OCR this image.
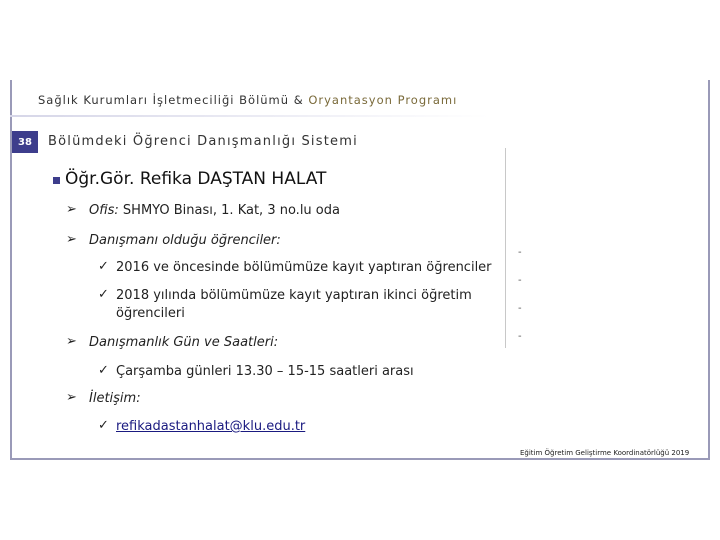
Sağlık Kurumları İşletmeciliği Bölümü & Oryantasyon Programı
38	Bölümdeki Öğrenci Danışmanlığı Sistemi
Öğr.Gör. Refika DAŞTAN HALAT
➢ Ofis: SHMYO Binası, 1. Kat, 3 no.lu oda
➢ Danışmanı olduğu öğrenciler:
✓ 2016 ve öncesinde bölümümüze kayıt yaptıran öğrenciler
✓ 2018 yılında bölümümüze kayıt yaptıran ikinci öğretim
öğrencileri
➢ Danışmanlık Gün ve Saatleri:
✓ Çarşamba günleri 13.30 – 15-15 saatleri arası
➢ İletişim:
✓ refikadastanhalat@klu.edu.tr
-
-
-
-
Eğitim Öğretim Geliştirme Koordinatörlüğü 2019
